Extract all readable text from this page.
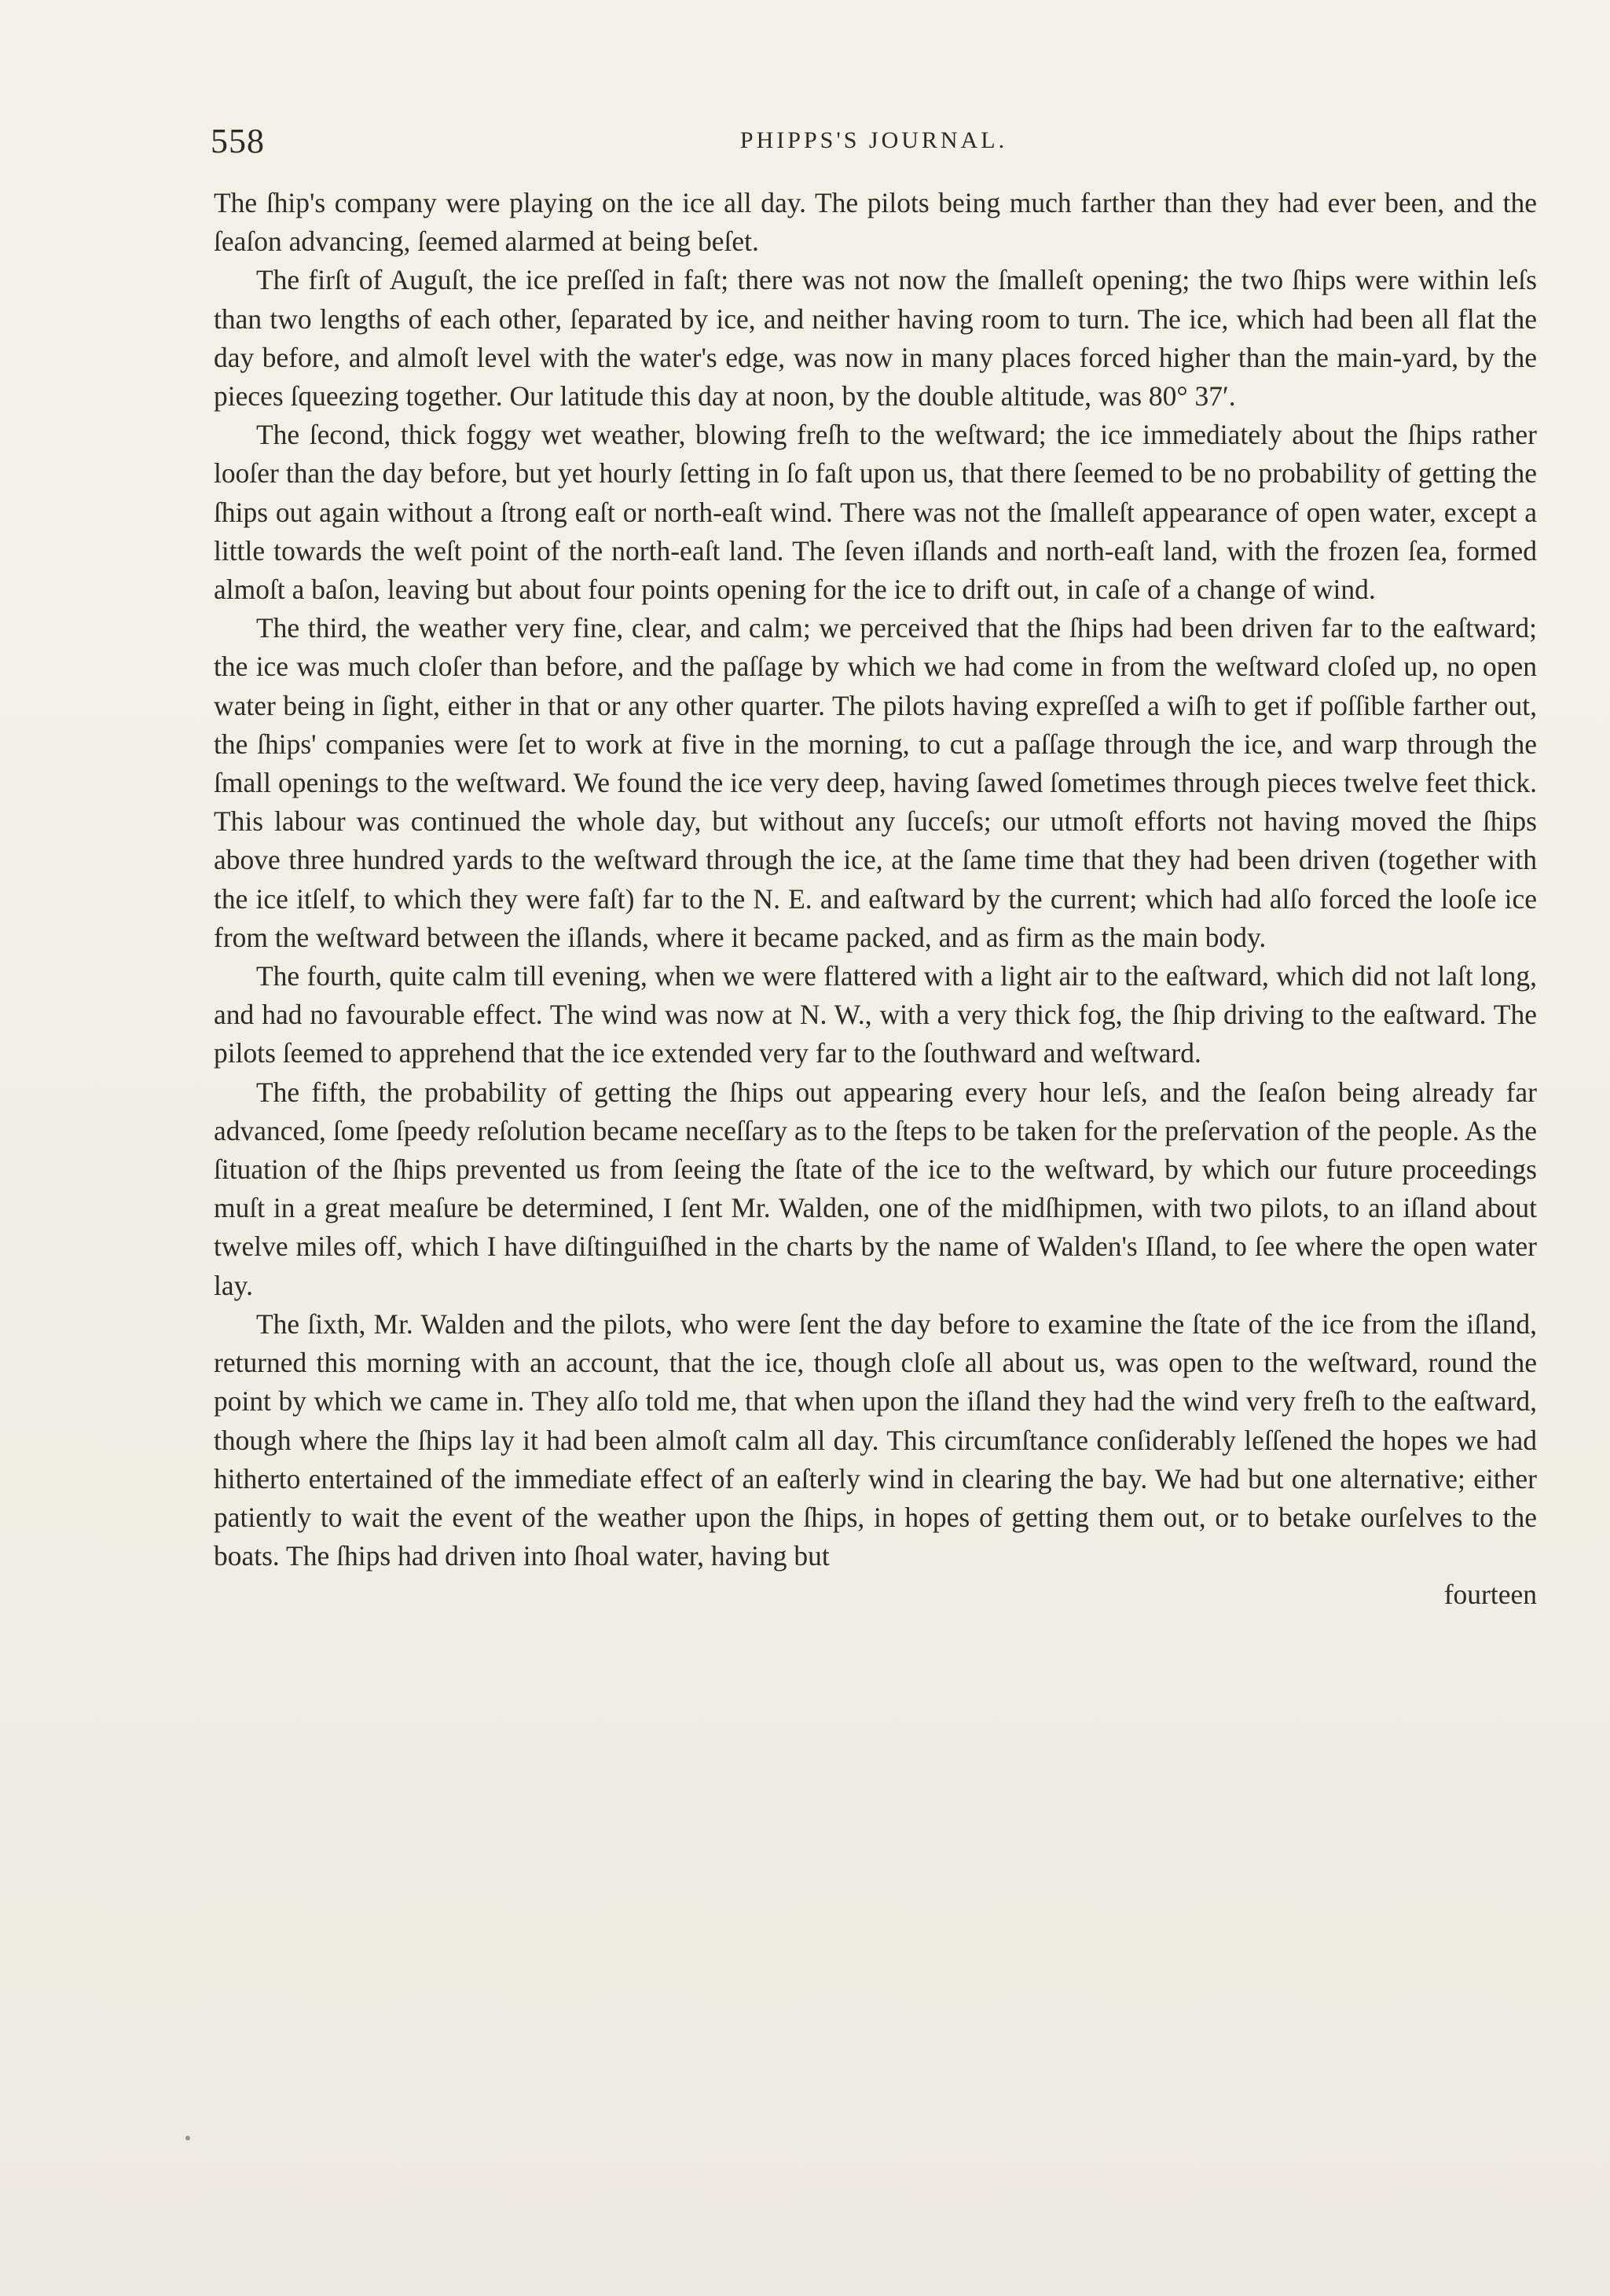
558	PHIPPS'S JOURNAL.

The ſhip's company were playing on the ice all day. The pilots being much farther than they had ever been, and the ſeaſon advancing, ſeemed alarmed at being beſet.

The firſt of Auguſt, the ice preſſed in faſt; there was not now the ſmalleſt opening; the two ſhips were within leſs than two lengths of each other, ſeparated by ice, and neither having room to turn. The ice, which had been all flat the day before, and almoſt level with the water's edge, was now in many places forced higher than the main-yard, by the pieces ſqueezing together. Our latitude this day at noon, by the double altitude, was 80° 37′.

The ſecond, thick foggy wet weather, blowing freſh to the weſtward; the ice immediately about the ſhips rather looſer than the day before, but yet hourly ſetting in ſo faſt upon us, that there ſeemed to be no probability of getting the ſhips out again without a ſtrong eaſt or north-eaſt wind. There was not the ſmalleſt appearance of open water, except a little towards the weſt point of the north-eaſt land. The ſeven iſlands and north-eaſt land, with the frozen ſea, formed almoſt a baſon, leaving but about four points opening for the ice to drift out, in caſe of a change of wind.

The third, the weather very fine, clear, and calm; we perceived that the ſhips had been driven far to the eaſtward; the ice was much cloſer than before, and the paſſage by which we had come in from the weſtward cloſed up, no open water being in ſight, either in that or any other quarter. The pilots having expreſſed a wiſh to get if poſſible farther out, the ſhips' companies were ſet to work at five in the morning, to cut a paſſage through the ice, and warp through the ſmall openings to the weſtward. We found the ice very deep, having ſawed ſometimes through pieces twelve feet thick. This labour was continued the whole day, but without any ſucceſs; our utmoſt efforts not having moved the ſhips above three hundred yards to the weſtward through the ice, at the ſame time that they had been driven (together with the ice itſelf, to which they were faſt) far to the N. E. and eaſtward by the current; which had alſo forced the looſe ice from the weſtward between the iſlands, where it became packed, and as firm as the main body.

The fourth, quite calm till evening, when we were flattered with a light air to the eaſtward, which did not laſt long, and had no favourable effect. The wind was now at N. W., with a very thick fog, the ſhip driving to the eaſtward. The pilots ſeemed to apprehend that the ice extended very far to the ſouthward and weſtward.

The fifth, the probability of getting the ſhips out appearing every hour leſs, and the ſeaſon being already far advanced, ſome ſpeedy reſolution became neceſſary as to the ſteps to be taken for the preſervation of the people. As the ſituation of the ſhips prevented us from ſeeing the ſtate of the ice to the weſtward, by which our future proceedings muſt in a great meaſure be determined, I ſent Mr. Walden, one of the midſhipmen, with two pilots, to an iſland about twelve miles off, which I have diſtinguiſhed in the charts by the name of Walden's Iſland, to ſee where the open water lay.

The ſixth, Mr. Walden and the pilots, who were ſent the day before to examine the ſtate of the ice from the iſland, returned this morning with an account, that the ice, though cloſe all about us, was open to the weſtward, round the point by which we came in. They alſo told me, that when upon the iſland they had the wind very freſh to the eaſtward, though where the ſhips lay it had been almoſt calm all day. This circumſtance conſiderably leſſened the hopes we had hitherto entertained of the immediate effect of an eaſterly wind in clearing the bay. We had but one alternative; either patiently to wait the event of the weather upon the ſhips, in hopes of getting them out, or to betake ourſelves to the boats. The ſhips had driven into ſhoal water, having but

fourteen
